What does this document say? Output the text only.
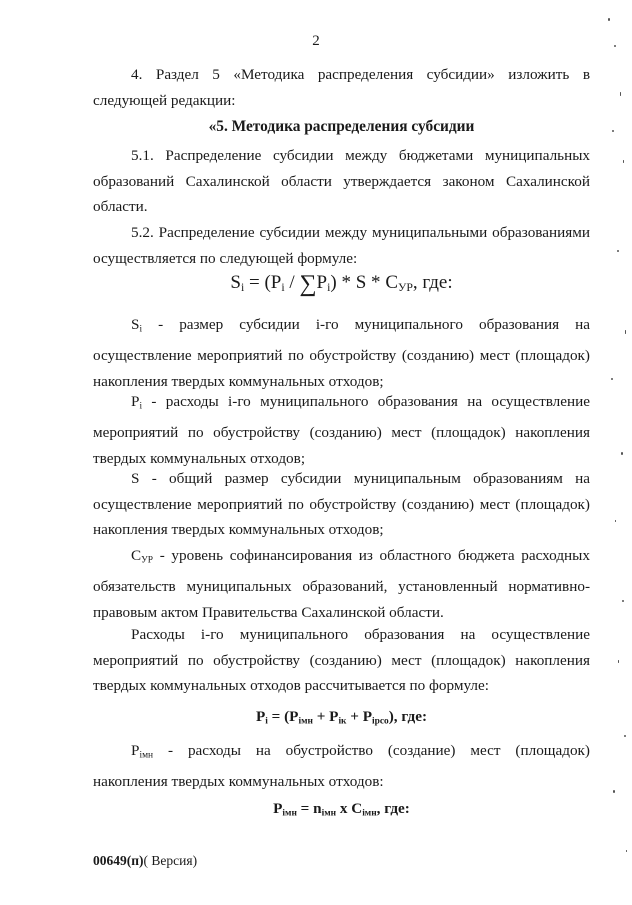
2
4. Раздел 5 «Методика распределения субсидии» изложить в следующей редакции:
«5. Методика распределения субсидии
5.1. Распределение субсидии между бюджетами муниципальных образований Сахалинской области утверждается законом Сахалинской области.
5.2. Распределение субсидии между муниципальными образованиями осуществляется по следующей формуле:
$S_i = (P_i / \sum P_i) * S * C_{УР}$, где:
$S_i$ - размер субсидии i-го муниципального образования на осуществление мероприятий по обустройству (созданию) мест (площадок) накопления твердых коммунальных отходов;
$P_i$ - расходы i-го муниципального образования на осуществление мероприятий по обустройству (созданию) мест (площадок) накопления твердых коммунальных отходов;
S - общий размер субсидии муниципальным образованиям на осуществление мероприятий по обустройству (созданию) мест (площадок) накопления твердых коммунальных отходов;
$C_{УР}$ - уровень софинансирования из областного бюджета расходных обязательств муниципальных образований, установленный нормативно-правовым актом Правительства Сахалинской области.
Расходы i-го муниципального образования на осуществление мероприятий по обустройству (созданию) мест (площадок) накопления твердых коммунальных отходов рассчитывается по формуле:
$P_i = (P_{iмн} + P_{iк} + P_{iрсо})$, где:
$P_{iмн}$ - расходы на обустройство (создание) мест (площадок) накопления твердых коммунальных отходов:
$P_{iмн} = n_{iмн}$ х $C_{iмн}$, где:
00649(п)( Версия)
